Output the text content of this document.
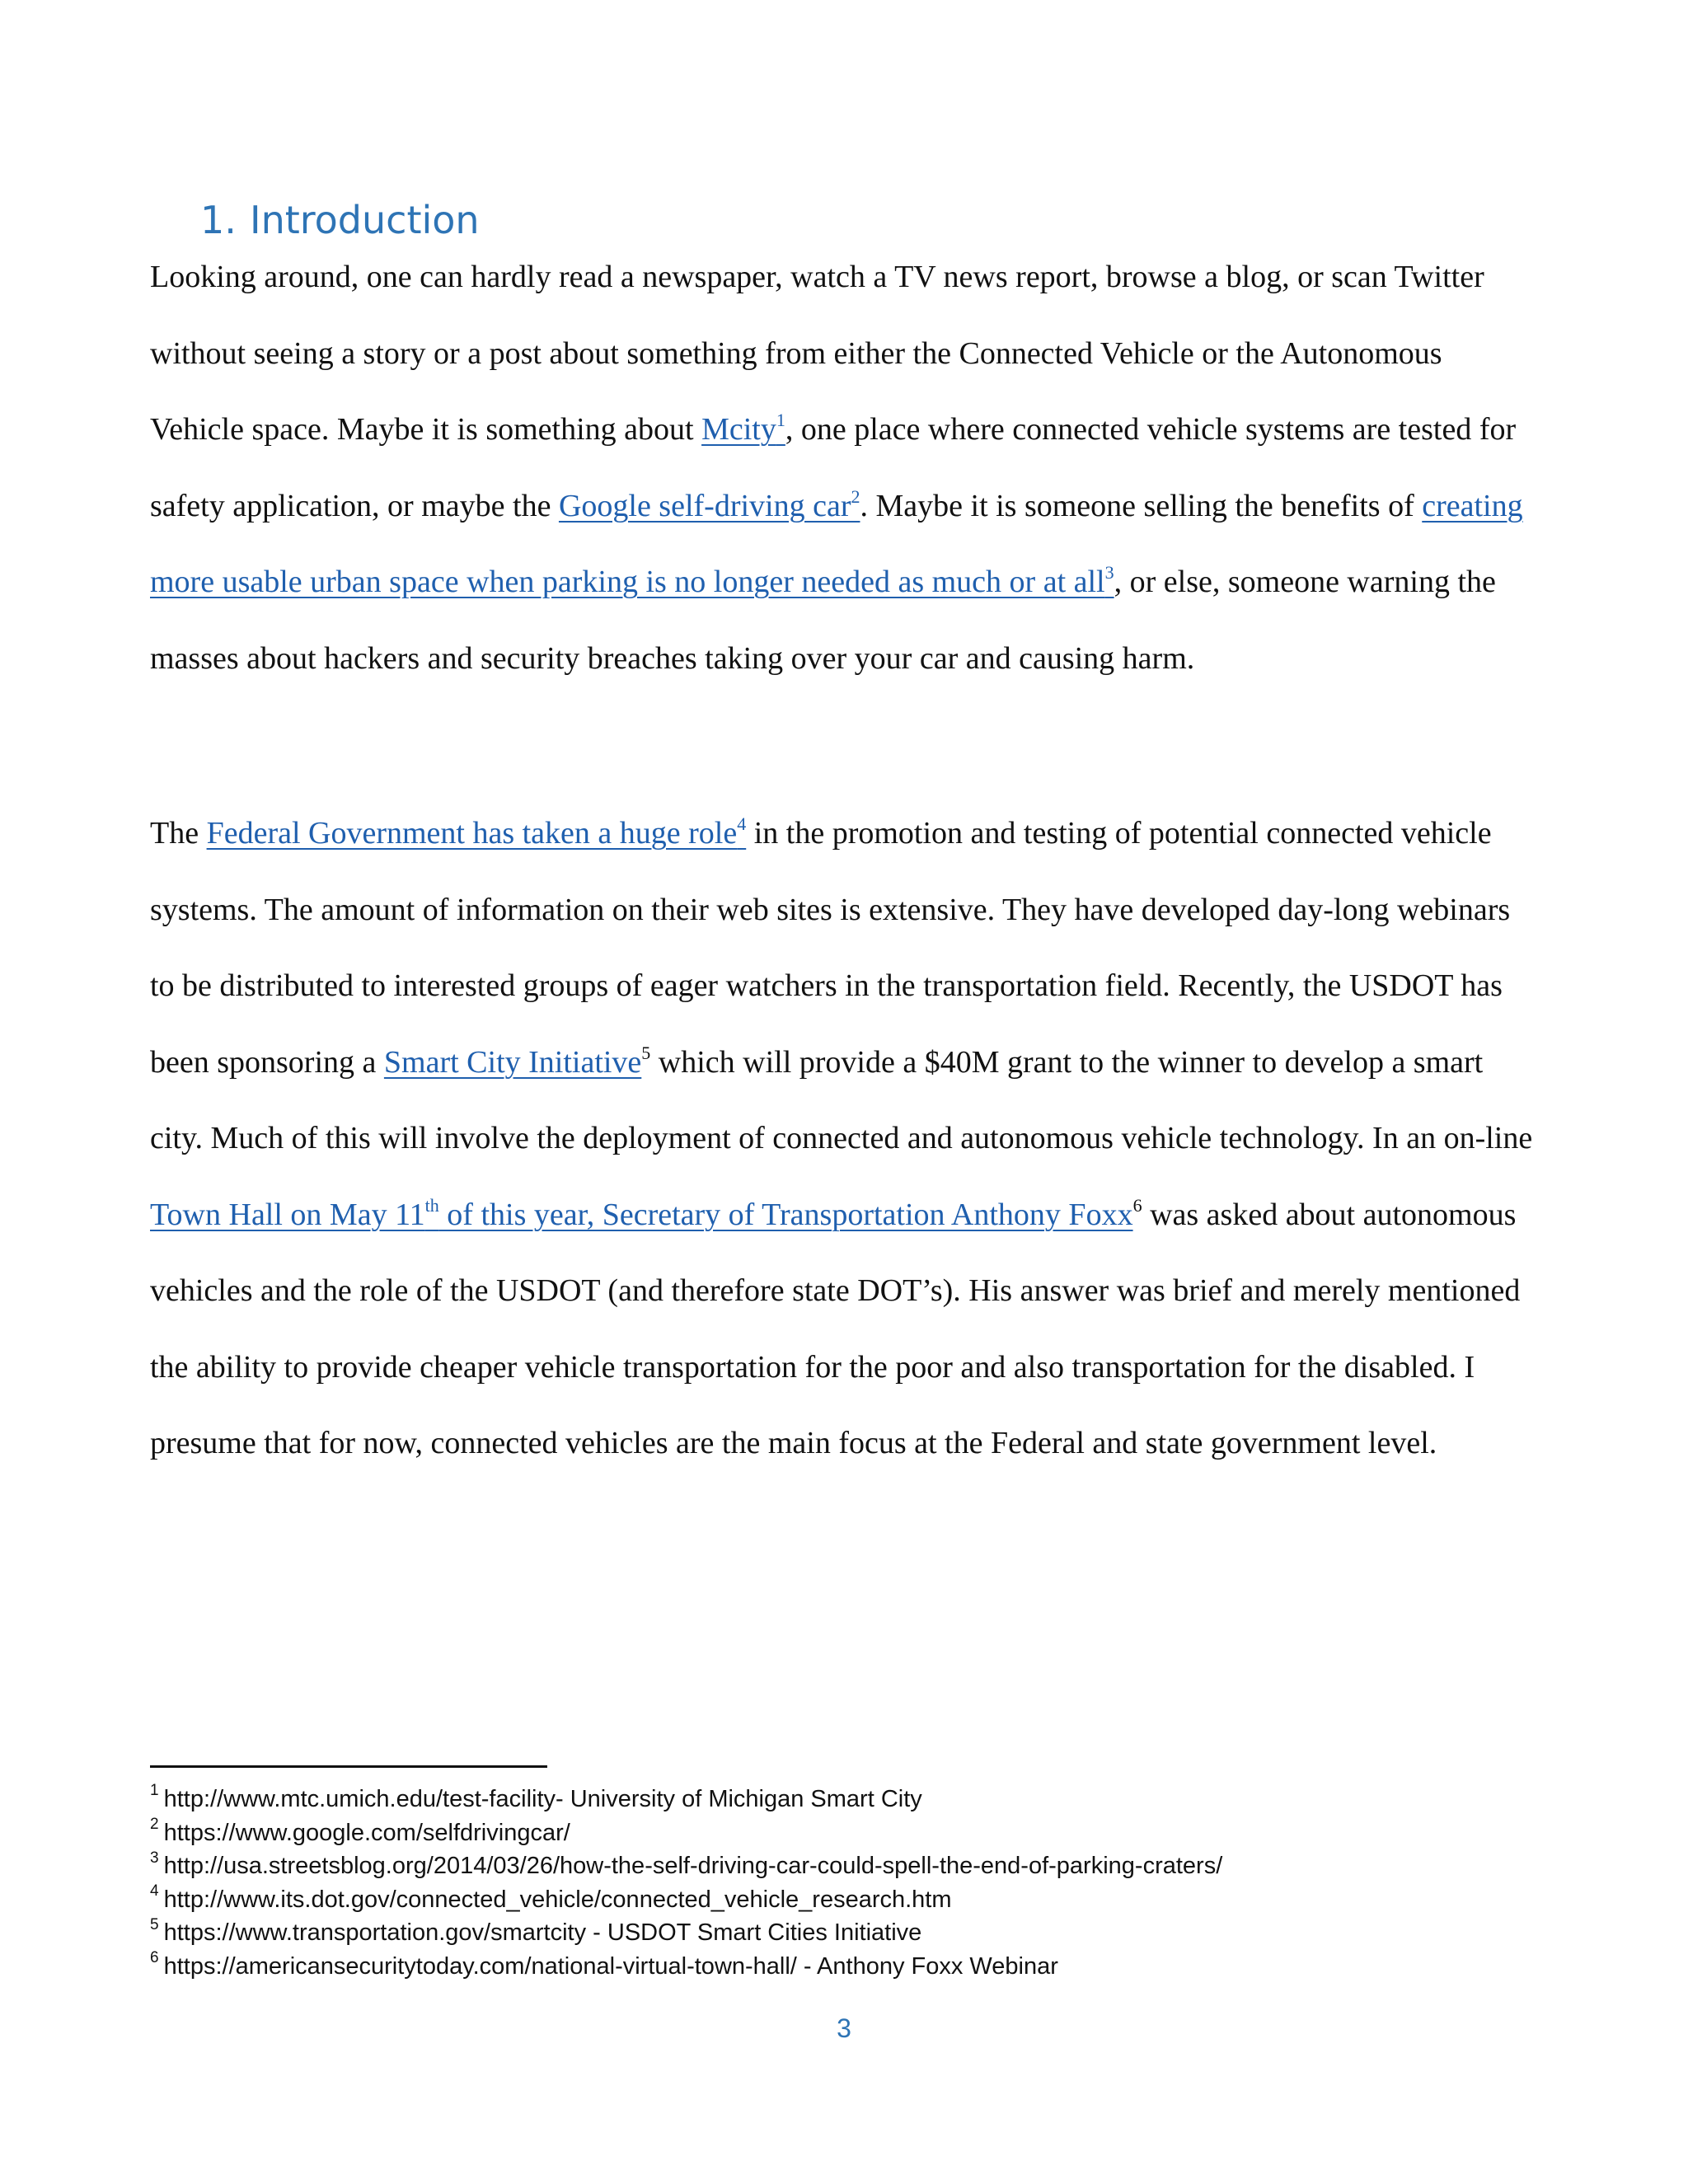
1. Introduction

Looking around, one can hardly read a newspaper, watch a TV news report, browse a blog, or scan Twitter without seeing a story or a post about something from either the Connected Vehicle or the Autonomous Vehicle space. Maybe it is something about Mcity$^1$, one place where connected vehicle systems are tested for safety application, or maybe the Google self-driving car$^2$. Maybe it is someone selling the benefits of creating more usable urban space when parking is no longer needed as much or at all$^3$, or else, someone warning the masses about hackers and security breaches taking over your car and causing harm.

The Federal Government has taken a huge role$^4$ in the promotion and testing of potential connected vehicle systems. The amount of information on their web sites is extensive. They have developed day-long webinars to be distributed to interested groups of eager watchers in the transportation field. Recently, the USDOT has been sponsoring a Smart City Initiative$^5$ which will provide a $40M grant to the winner to develop a smart city. Much of this will involve the deployment of connected and autonomous vehicle technology. In an on-line Town Hall on May 11th of this year, Secretary of Transportation Anthony Foxx$^6$ was asked about autonomous vehicles and the role of the USDOT (and therefore state DOT’s). His answer was brief and merely mentioned the ability to provide cheaper vehicle transportation for the poor and also transportation for the disabled. I presume that for now, connected vehicles are the main focus at the Federal and state government level.

$^1$ http://www.mtc.umich.edu/test-facility- University of Michigan Smart City
$^2$ https://www.google.com/selfdrivingcar/
$^3$ http://usa.streetsblog.org/2014/03/26/how-the-self-driving-car-could-spell-the-end-of-parking-craters/
$^4$ http://www.its.dot.gov/connected_vehicle/connected_vehicle_research.htm
$^5$ https://www.transportation.gov/smartcity - USDOT Smart Cities Initiative
$^6$ https://americansecuritytoday.com/national-virtual-town-hall/ - Anthony Foxx Webinar
3
